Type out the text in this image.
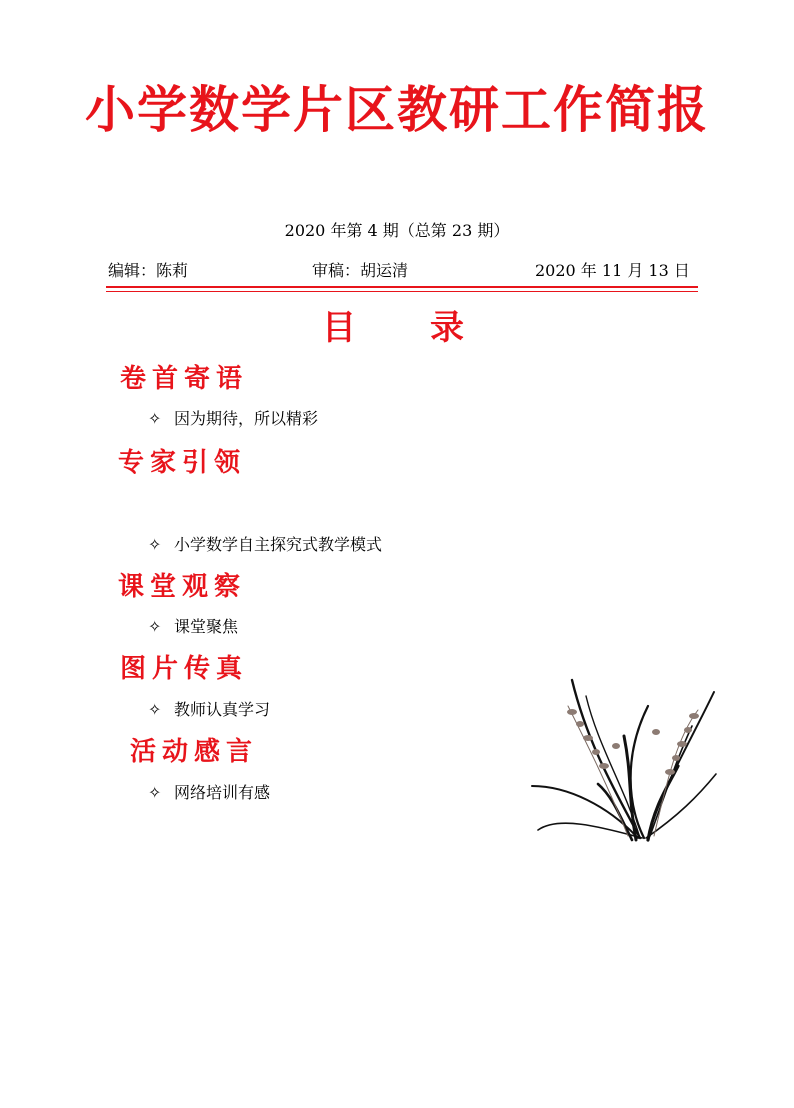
小学数学片区教研工作简报
2020 年第 4 期（总第 23 期）
编辑：陈莉	审稿：胡运清	2020 年 11 月 13 日
目 录
卷首寄语
✧ 因为期待，所以精彩
专家引领
✧ 小学数学自主探究式教学模式
课堂观察
✧ 课堂聚焦
图片传真
✧ 教师认真学习
活动感言
✧ 网络培训有感
